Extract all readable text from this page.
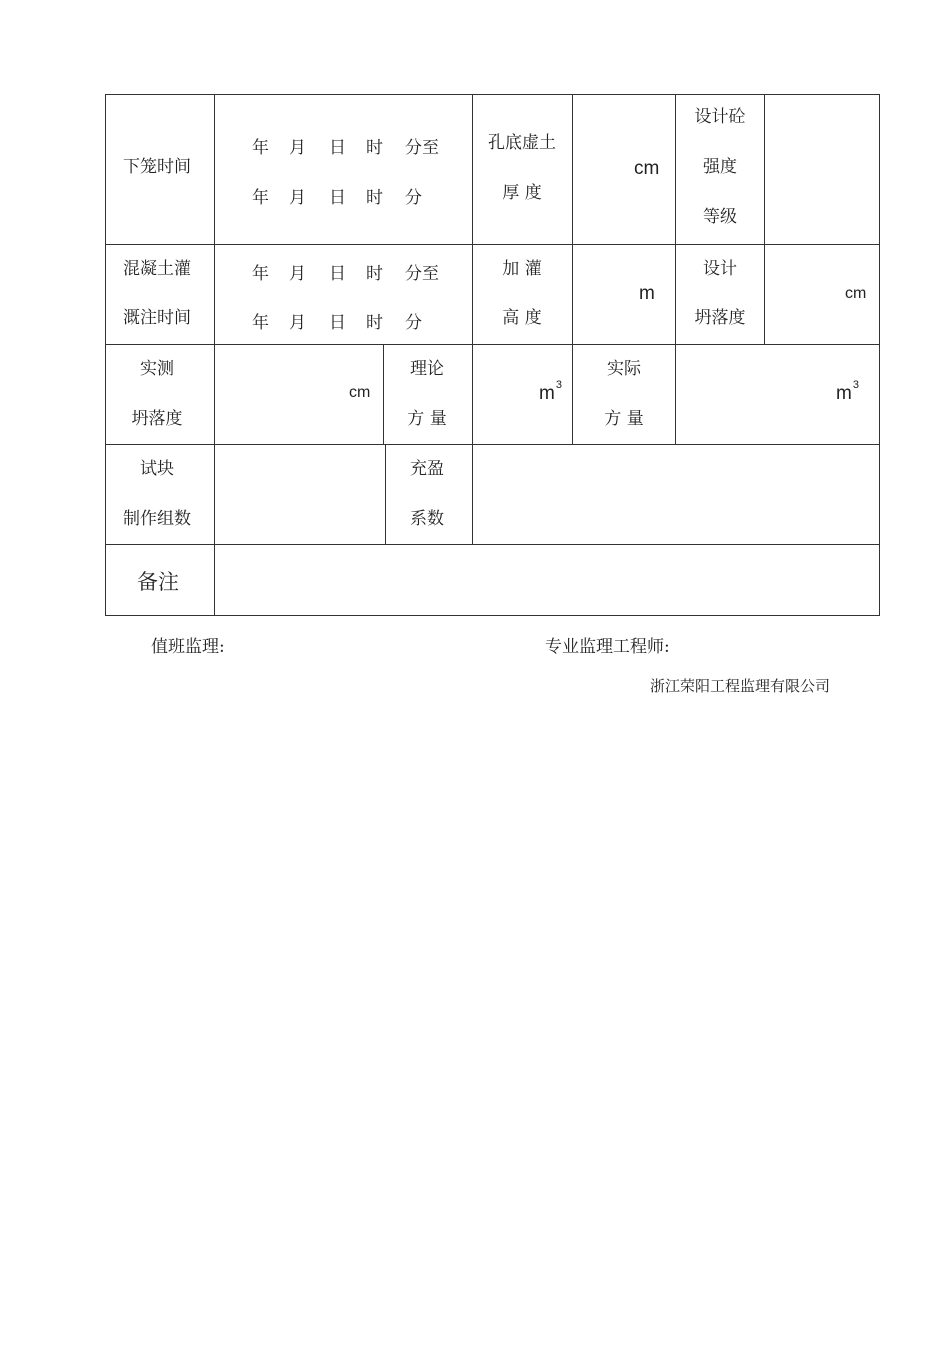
下笼时间
年 月 日 时 分至
年 月 日 时 分
孔底虚土
厚 度
cm
设计砼
强度
等级
混凝土灌
溉注时间
年 月 日 时 分至
年 月 日 时 分
加 灌
高 度
m
设计
坍落度
cm
实测
坍落度
cm
理论
方 量
$m^3$
实际
方 量
$m^3$
试块
制作组数
充盈
系数
备注
值班监理:	专业监理工程师:
浙江荣阳工程监理有限公司
